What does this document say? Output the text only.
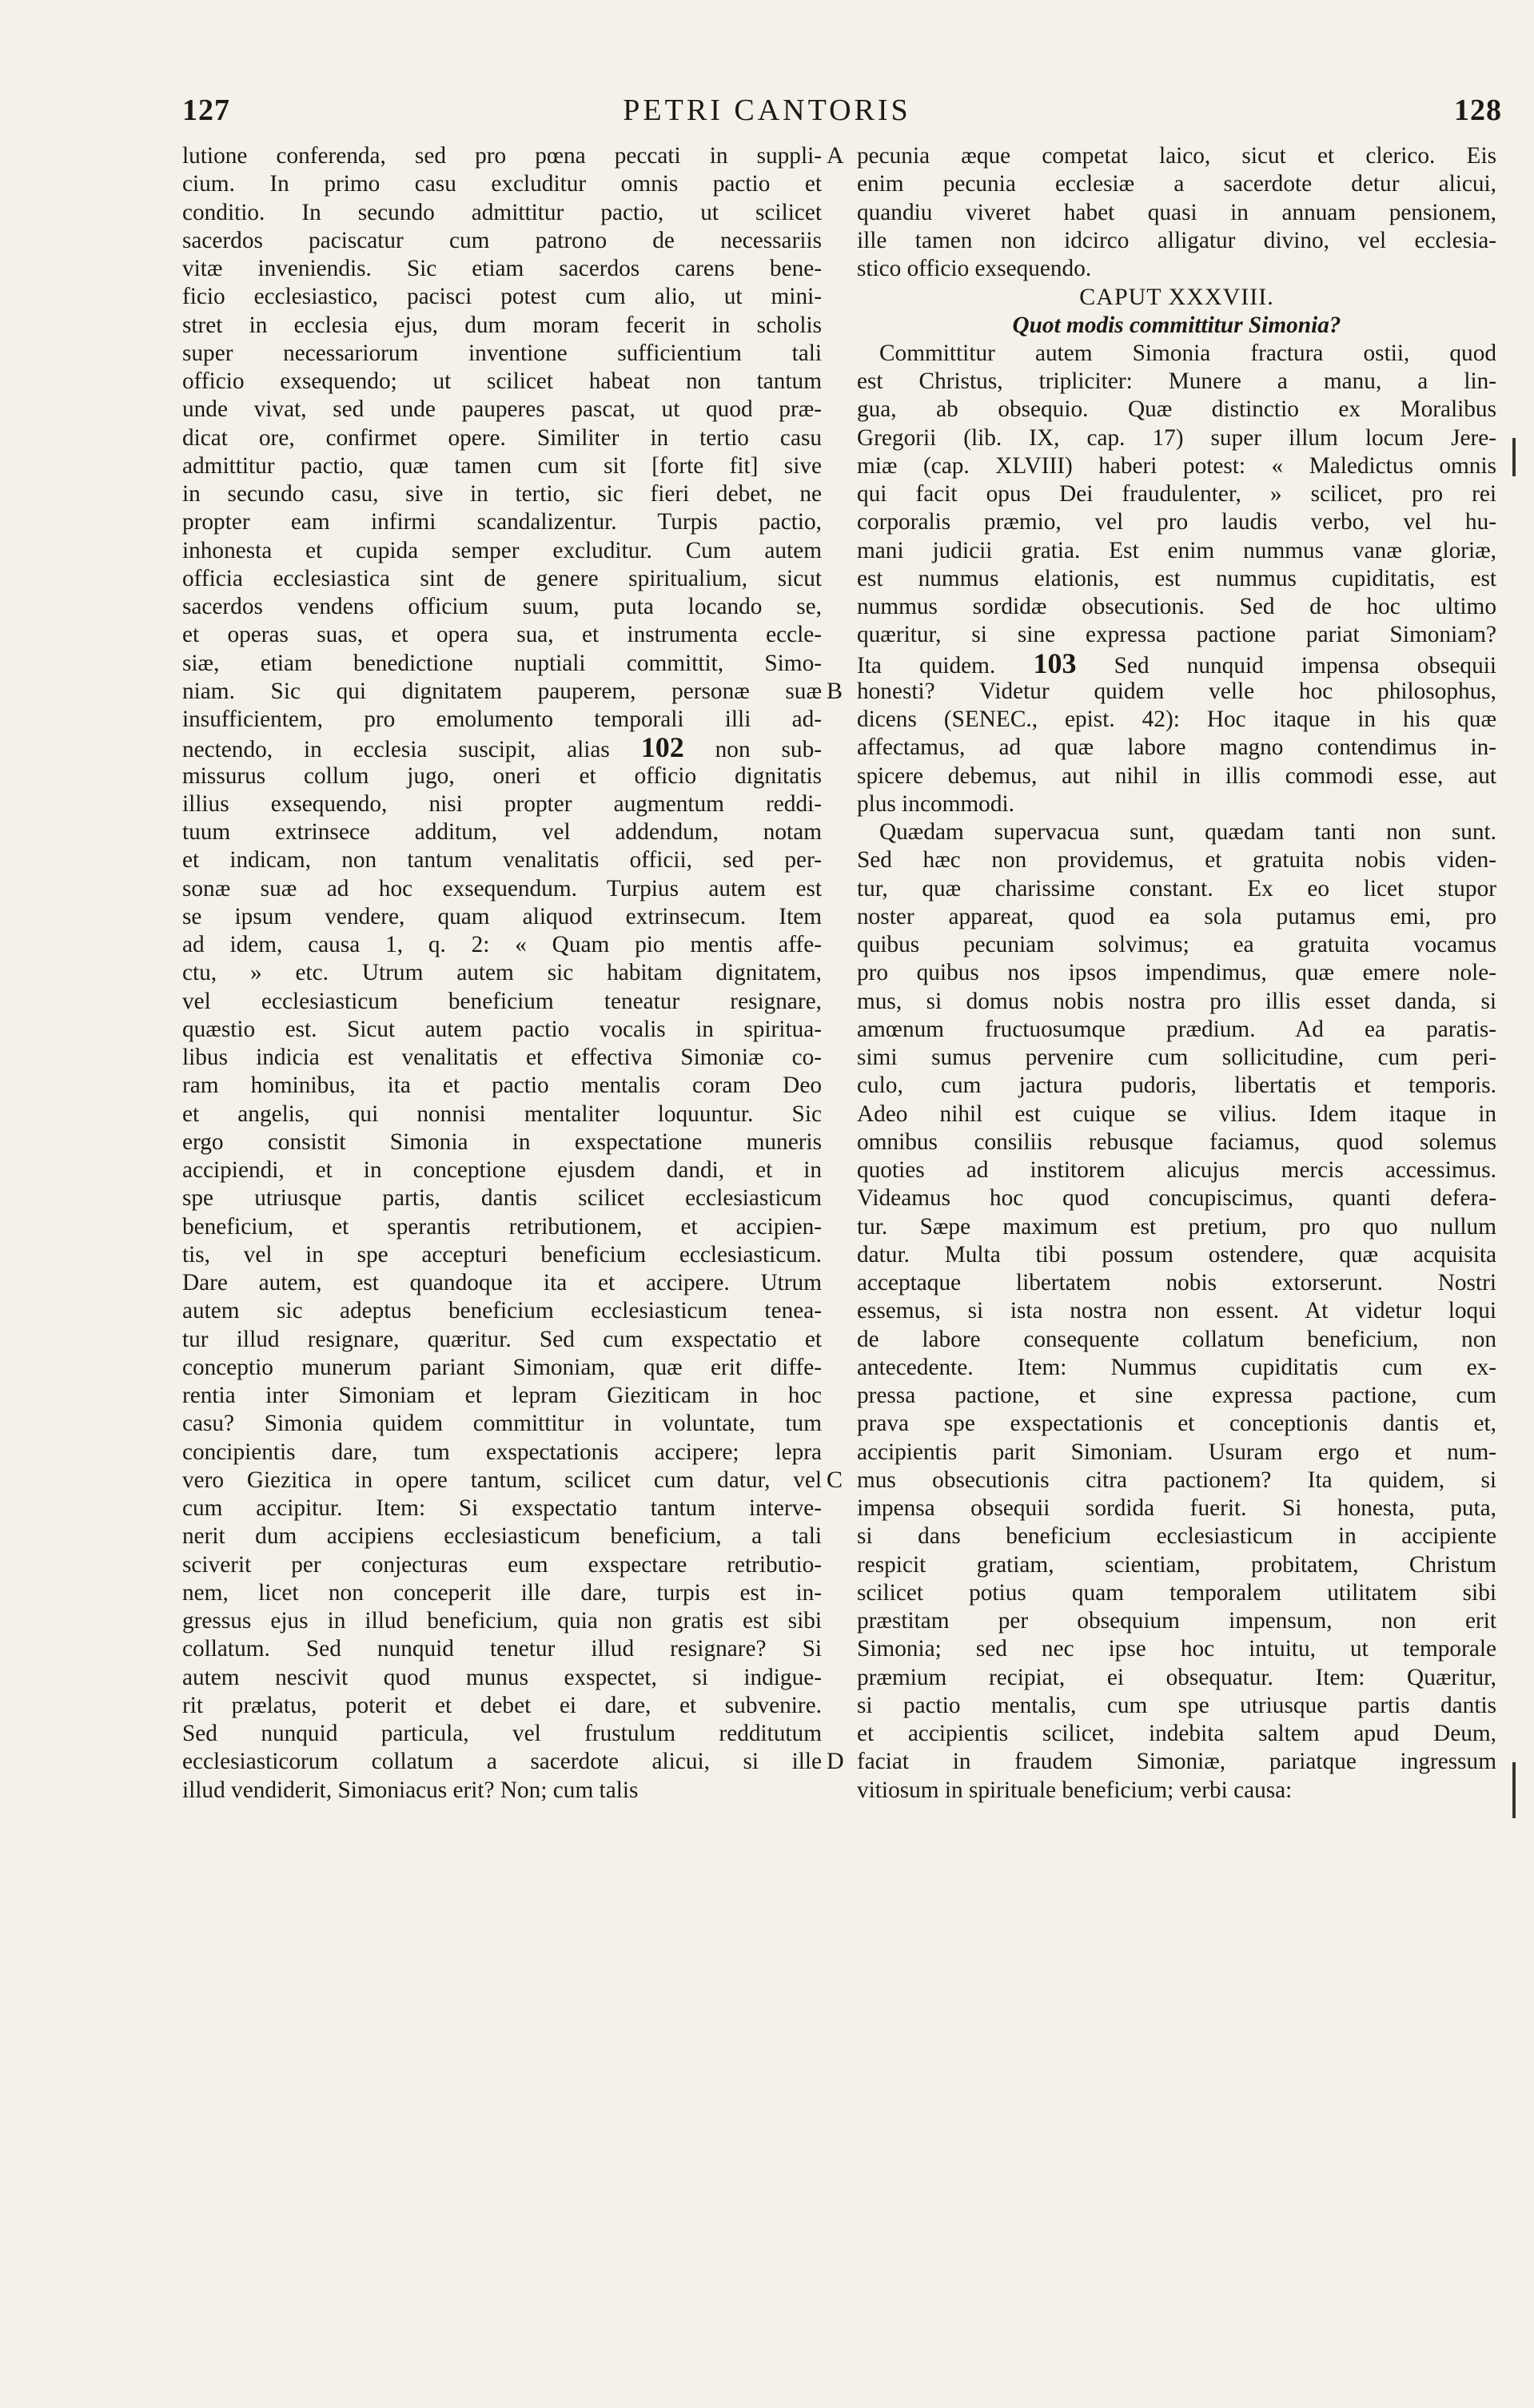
127	PETRI CANTORIS	128
lutione conferenda, sed pro pœna peccati in suppli-
cium. In primo casu excluditur omnis pactio et
conditio. In secundo admittitur pactio, ut scilicet
sacerdos paciscatur cum patrono de necessariis
vitæ inveniendis. Sic etiam sacerdos carens bene-
ficio ecclesiastico, pacisci potest cum alio, ut mini-
stret in ecclesia ejus, dum moram fecerit in scholis
super necessariorum inventione sufficientium tali
officio exsequendo; ut scilicet habeat non tantum
unde vivat, sed unde pauperes pascat, ut quod præ-
dicat ore, confirmet opere. Similiter in tertio casu
admittitur pactio, quæ tamen cum sit [forte fit] sive
in secundo casu, sive in tertio, sic fieri debet, ne
propter eam infirmi scandalizentur. Turpis pactio,
inhonesta et cupida semper excluditur. Cum autem
officia ecclesiastica sint de genere spiritualium, sicut
sacerdos vendens officium suum, puta locando se,
et operas suas, et opera sua, et instrumenta eccle-
siæ, etiam benedictione nuptiali committit, Simo-
niam. Sic qui dignitatem pauperem, personæ suæ
insufficientem, pro emolumento temporali illi ad-
nectendo, in ecclesia suscipit, alias 102 non sub-
missurus collum jugo, oneri et officio dignitatis
illius exsequendo, nisi propter augmentum reddi-
tuum extrinsece additum, vel addendum, notam
et indicam, non tantum venalitatis officii, sed per-
sonæ suæ ad hoc exsequendum. Turpius autem est
se ipsum vendere, quam aliquod extrinsecum. Item
ad idem, causa 1, q. 2: « Quam pio mentis affe-
ctu, » etc. Utrum autem sic habitam dignitatem,
vel ecclesiasticum beneficium teneatur resignare,
quæstio est. Sicut autem pactio vocalis in spiritua-
libus indicia est venalitatis et effectiva Simoniæ co-
ram hominibus, ita et pactio mentalis coram Deo
et angelis, qui nonnisi mentaliter loquuntur. Sic
ergo consistit Simonia in exspectatione muneris
accipiendi, et in conceptione ejusdem dandi, et in
spe utriusque partis, dantis scilicet ecclesiasticum
beneficium, et sperantis retributionem, et accipien-
tis, vel in spe accepturi beneficium ecclesiasticum.
Dare autem, est quandoque ita et accipere. Utrum
autem sic adeptus beneficium ecclesiasticum tenea-
tur illud resignare, quæritur. Sed cum exspectatio et
conceptio munerum pariant Simoniam, quæ erit diffe-
rentia inter Simoniam et lepram Gieziticam in hoc
casu? Simonia quidem committitur in voluntate, tum
concipientis dare, tum exspectationis accipere; lepra
vero Giezitica in opere tantum, scilicet cum datur, vel
cum accipitur. Item: Si exspectatio tantum interve-
nerit dum accipiens ecclesiasticum beneficium, a tali
sciverit per conjecturas eum exspectare retributio-
nem, licet non conceperit ille dare, turpis est in-
gressus ejus in illud beneficium, quia non gratis est sibi
collatum. Sed nunquid tenetur illud resignare? Si
autem nescivit quod munus exspectet, si indigue-
rit prælatus, poterit et debet ei dare, et subvenire.
Sed nunquid particula, vel frustulum redditutum
ecclesiasticorum collatum a sacerdote alicui, si ille
illud vendiderit, Simoniacus erit? Non; cum talis
pecunia æque competat laico, sicut et clerico. Eis
enim pecunia ecclesiæ a sacerdote detur alicui,
quandiu viveret habet quasi in annuam pensionem,
ille tamen non idcirco alligatur divino, vel ecclesia-
stico officio exsequendo.
CAPUT XXXVIII.
Quot modis committitur Simonia?
Committitur autem Simonia fractura ostii, quod
est Christus, tripliciter: Munere a manu, a lin-
gua, ab obsequio. Quæ distinctio ex Moralibus
Gregorii (lib. IX, cap. 17) super illum locum Jere-
miæ (cap. XLVIII) haberi potest: « Maledictus omnis
qui facit opus Dei fraudulenter, » scilicet, pro rei
corporalis præmio, vel pro laudis verbo, vel hu-
mani judicii gratia. Est enim nummus vanæ gloriæ,
est nummus elationis, est nummus cupiditatis, est
nummus sordidæ obsecutionis. Sed de hoc ultimo
quæritur, si sine expressa pactione pariat Simoniam?
Ita quidem. 103 Sed nunquid impensa obsequii
honesti? Videtur quidem velle hoc philosophus,
dicens (SENEC., epist. 42): Hoc itaque in his quæ
affectamus, ad quæ labore magno contendimus in-
spicere debemus, aut nihil in illis commodi esse, aut
plus incommodi.
Quædam supervacua sunt, quædam tanti non sunt.
Sed hæc non providemus, et gratuita nobis viden-
tur, quæ charissime constant. Ex eo licet stupor
noster appareat, quod ea sola putamus emi, pro
quibus pecuniam solvimus; ea gratuita vocamus
pro quibus nos ipsos impendimus, quæ emere nole-
mus, si domus nobis nostra pro illis esset danda, si
amœnum fructuosumque prædium. Ad ea paratis-
simi sumus pervenire cum sollicitudine, cum peri-
culo, cum jactura pudoris, libertatis et temporis.
Adeo nihil est cuique se vilius. Idem itaque in
omnibus consiliis rebusque faciamus, quod solemus
quoties ad institorem alicujus mercis accessimus.
Videamus hoc quod concupiscimus, quanti defera-
tur. Sæpe maximum est pretium, pro quo nullum
datur. Multa tibi possum ostendere, quæ acquisita
acceptaque libertatem nobis extorserunt. Nostri
essemus, si ista nostra non essent. At videtur loqui
de labore consequente collatum beneficium, non
antecedente. Item: Nummus cupiditatis cum ex-
pressa pactione, et sine expressa pactione, cum
prava spe exspectationis et conceptionis dantis et,
accipientis parit Simoniam. Usuram ergo et num-
mus obsecutionis citra pactionem? Ita quidem, si
impensa obsequii sordida fuerit. Si honesta, puta,
si dans beneficium ecclesiasticum in accipiente
respicit gratiam, scientiam, probitatem, Christum
scilicet potius quam temporalem utilitatem sibi
præstitam per obsequium impensum, non erit
Simonia; sed nec ipse hoc intuitu, ut temporale
præmium recipiat, ei obsequatur. Item: Quæritur,
si pactio mentalis, cum spe utriusque partis dantis
et accipientis scilicet, indebita saltem apud Deum,
faciat in fraudem Simoniæ, pariatque ingressum
vitiosum in spirituale beneficium; verbi causa:
A
B
C
D
